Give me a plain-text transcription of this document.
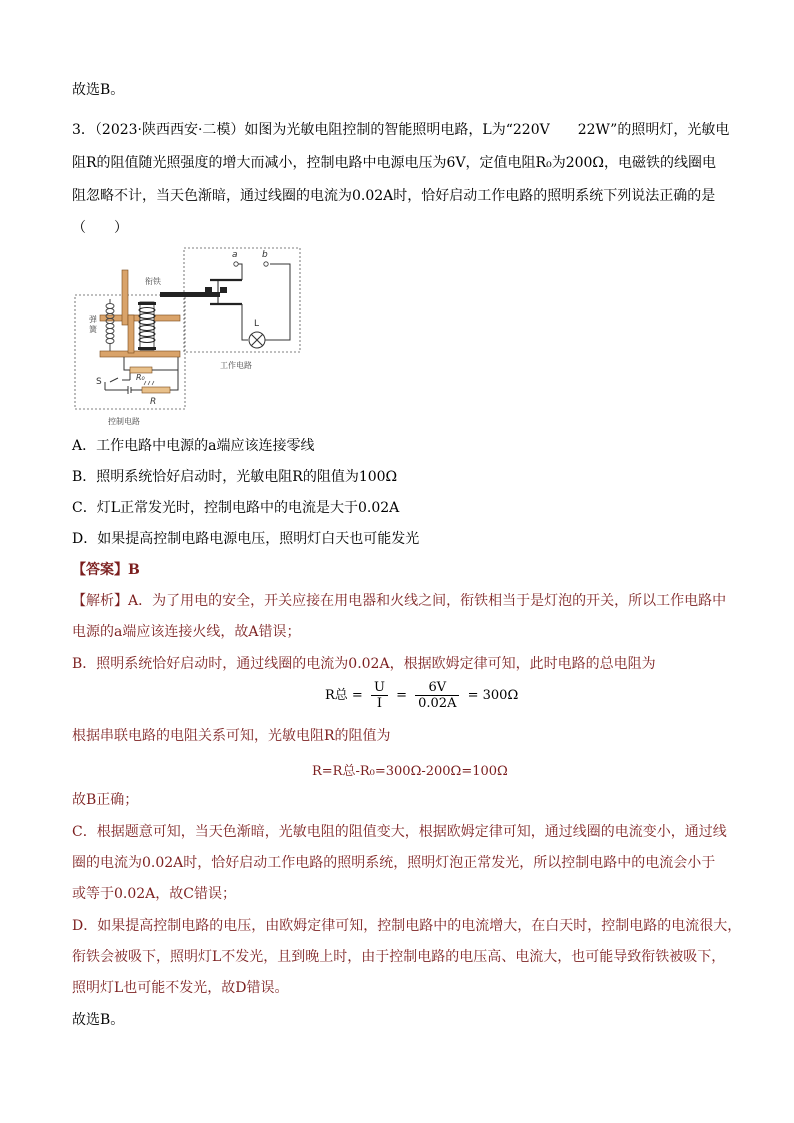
故选B。
3．（2023·陕西西安·二模）如图为光敏电阻控制的智能照明电路，L为“220V　　22W”的照明灯，光敏电
阻R的阻值随光照强度的增大而减小，控制电路中电源电压为6V，定值电阻R₀为200Ω，电磁铁的线圈电
阻忽略不计，当天色渐暗，通过线圈的电流为0.02A时，恰好启动工作电路的照明系统下列说法正确的是
（　　）
衔铁
弹
簧
a	b
L
工作电路
S	R₀
R
控制电路
A．工作电路中电源的a端应该连接零线
B．照明系统恰好启动时，光敏电阻R的阻值为100Ω
C．灯L正常发光时，控制电路中的电流是大于0.02A
D．如果提高控制电路电源电压，照明灯白天也可能发光
【答案】B
【解析】A．为了用电的安全，开关应接在用电器和火线之间，衔铁相当于是灯泡的开关，所以工作电路中
电源的a端应该连接火线，故A错误；
B．照明系统恰好启动时，通过线圈的电流为0.02A，根据欧姆定律可知，此时电路的总电阻为
R总 = $\frac{U}{I} = \frac{6V}{0.02A} = 300\Omega$
根据串联电路的电阻关系可知，光敏电阻R的阻值为
R=R总-R₀=300Ω-200Ω=100Ω
故B正确；
C．根据题意可知，当天色渐暗，光敏电阻的阻值变大，根据欧姆定律可知，通过线圈的电流变小，通过线
圈的电流为0.02A时，恰好启动工作电路的照明系统，照明灯泡正常发光，所以控制电路中的电流会小于
或等于0.02A，故C错误；
D．如果提高控制电路的电压，由欧姆定律可知，控制电路中的电流增大，在白天时，控制电路的电流很大，
衔铁会被吸下，照明灯L不发光，且到晚上时，由于控制电路的电压高、电流大，也可能导致衔铁被吸下，
照明灯L也可能不发光，故D错误。
故选B。
